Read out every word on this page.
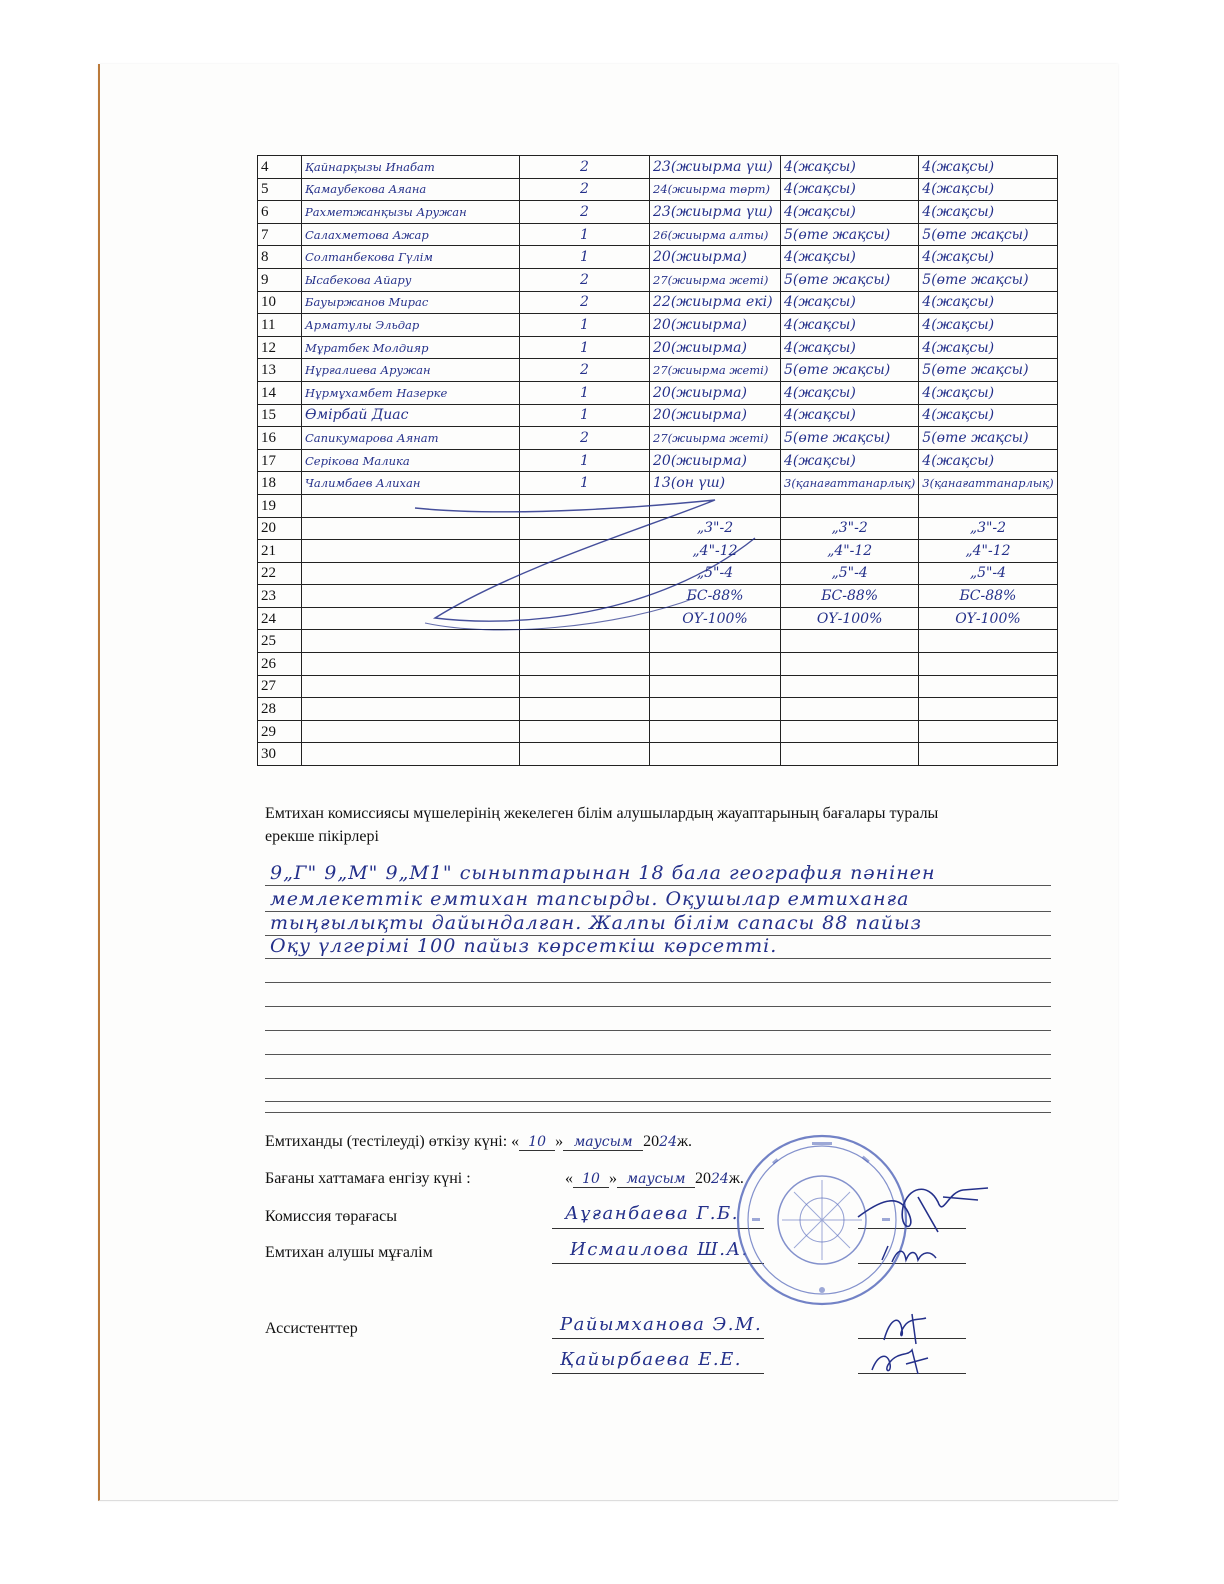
4	Қайнарқызы Инабат	2	23(жиырма үш)	4(жақсы)	4(жақсы)
5	Қамаубекова Аяана	2	24(жиырма төрт)	4(жақсы)	4(жақсы)
6	Рахметжанқызы Аружан	2	23(жиырма үш)	4(жақсы)	4(жақсы)
7	Салахметова Ажар	1	26(жиырма алты)	5(өте жақсы)	5(өте жақсы)
8	Солтанбекова Гүлім	1	20(жиырма)	4(жақсы)	4(жақсы)
9	Ысабекова Айару	2	27(жиырма жеті)	5(өте жақсы)	5(өте жақсы)
10	Бауыржанов Мирас	2	22(жиырма екі)	4(жақсы)	4(жақсы)
11	Арматулы Эльдар	1	20(жиырма)	4(жақсы)	4(жақсы)
12	Мұратбек Молдияр	1	20(жиырма)	4(жақсы)	4(жақсы)
13	Нұрғалиева Аружан	2	27(жиырма жеті)	5(өте жақсы)	5(өте жақсы)
14	Нұрмұхамбет Назерке	1	20(жиырма)	4(жақсы)	4(жақсы)
15	Өмірбай Диас	1	20(жиырма)	4(жақсы)	4(жақсы)
16	Сапикумарова Аянат	2	27(жиырма жеті)	5(өте жақсы)	5(өте жақсы)
17	Серікова Малика	1	20(жиырма)	4(жақсы)	4(жақсы)
18	Чалимбаев Алихан	1	13(он үш)	3(қанағаттанарлық)	3(қанағаттанарлық)
19					
20			„3"-2	„3"-2	„3"-2
21			„4"-12	„4"-12	„4"-12
22			„5"-4	„5"-4	„5"-4
23			БС-88%	БС-88%	БС-88%
24			ОҮ-100%	ОҮ-100%	ОҮ-100%
25					
26					
27					
28					
29					
30					
Емтихан комиссиясы мүшелерінің жекелеген білім алушылардың жауаптарының бағалары туралы
ерекше пікірлері
9„Г" 9„М" 9„М1" сыныптарынан 18 бала география пәнінен
мемлекеттік емтихан тапсырды. Оқушылар емтиханға
тыңғылықты дайындалған. Жалпы білім сапасы 88 пайыз
Оқу үлгерімі 100 пайыз көрсеткіш көрсетті.
Емтиханды (тестілеуді) өткізу күні: « 10 » маусым 2024ж.
Бағаны хаттамаға енгізу күні :	« 10 » маусым 2024ж.
Комиссия төрағасы	Аұғанбаева Г.Б.
Емтихан алушы мұғалім	Исмаилова Ш.А.
Ассистенттер	Райымханова Э.М.
Қайырбаева Е.Е.
